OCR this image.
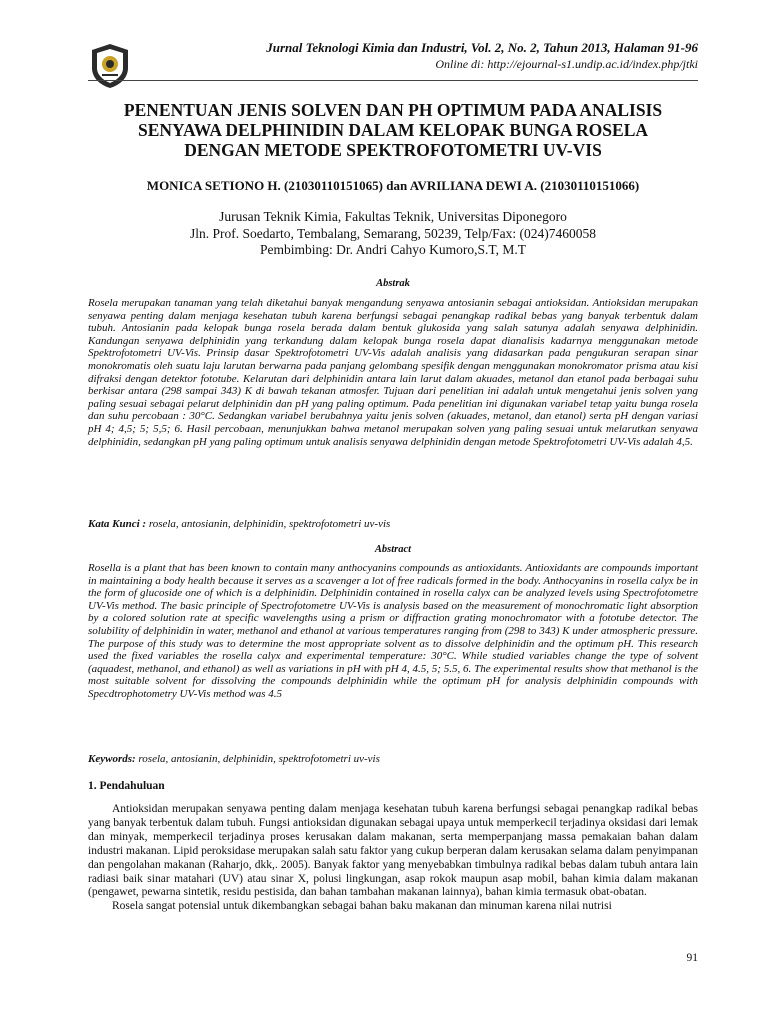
Jurnal Teknologi Kimia dan Industri, Vol. 2, No. 2, Tahun 2013, Halaman 91-96
Online di: http://ejournal-s1.undip.ac.id/index.php/jtki
PENENTUAN JENIS SOLVEN DAN PH OPTIMUM PADA ANALISIS
SENYAWA DELPHINIDIN DALAM KELOPAK BUNGA ROSELA
DENGAN METODE SPEKTROFOTOMETRI UV-VIS
MONICA SETIONO H. (21030110151065) dan AVRILIANA DEWI A. (21030110151066)
Jurusan Teknik Kimia, Fakultas Teknik, Universitas Diponegoro
Jln. Prof. Soedarto, Tembalang, Semarang, 50239, Telp/Fax: (024)7460058
Pembimbing: Dr. Andri Cahyo Kumoro,S.T, M.T
Abstrak
Rosela merupakan tanaman yang telah diketahui banyak mengandung senyawa antosianin sebagai antioksidan. Antioksidan merupakan senyawa penting dalam menjaga kesehatan tubuh karena berfungsi sebagai penangkap radikal bebas yang banyak terbentuk dalam tubuh. Antosianin pada kelopak bunga rosela berada dalam bentuk glukosida yang salah satunya adalah senyawa delphinidin. Kandungan senyawa delphinidin yang terkandung dalam kelopak bunga rosela dapat dianalisis kadarnya menggunakan metode Spektrofotometri UV-Vis. Prinsip dasar Spektrofotometri UV-Vis adalah analisis yang didasarkan pada pengukuran serapan sinar monokromatis oleh suatu laju larutan berwarna pada panjang gelombang spesifik dengan menggunakan monokromator prisma atau kisi difraksi dengan detektor fototube. Kelarutan dari delphinidin antara lain larut dalam akuades, metanol dan etanol pada berbagai suhu berkisar antara (298 sampai 343) K di bawah tekanan atmosfer. Tujuan dari penelitian ini adalah untuk mengetahui jenis solven yang paling sesuai sebagai pelarut delphinidin dan pH yang paling optimum. Pada penelitian ini digunakan variabel tetap yaitu bunga rosela dan suhu percobaan : 30°C. Sedangkan variabel berubahnya yaitu jenis solven (akuades, metanol, dan etanol) serta pH dengan variasi pH 4; 4,5; 5; 5,5; 6. Hasil percobaan, menunjukkan bahwa metanol merupakan solven yang paling sesuai untuk melarutkan senyawa delphinidin, sedangkan pH yang paling optimum untuk analisis senyawa delphinidin dengan metode Spektrofotometri UV-Vis adalah 4,5.
Kata Kunci : rosela, antosianin, delphinidin, spektrofotometri uv-vis
Abstract
Rosella is a plant that has been known to contain many anthocyanins compounds as antioxidants. Antioxidants are compounds important in maintaining a body health because it serves as a scavenger a lot of free radicals formed in the body. Anthocyanins in rosella calyx be in the form of glucoside one of which is a delphinidin. Delphinidin contained in rosella calyx can be analyzed levels using Spectrofotometre UV-Vis method. The basic principle of Spectrofotometre UV-Vis is analysis based on the measurement of monochromatic light absorption by a colored solution rate at specific wavelengths using a prism or diffraction grating monochromator with a fototube detector. The solubility of delphinidin in water, methanol and ethanol at various temperatures ranging from (298 to 343) K under atmospheric pressure. The purpose of this study was to determine the most appropriate solvent as to dissolve delphinidin and the optimum pH. This research used the fixed variables the rosella calyx and experimental temperature: 30°C. While studied variables change the type of solvent (aquadest, methanol, and ethanol) as well as variations in pH with pH 4, 4.5, 5; 5.5, 6. The experimental results show that methanol is the most suitable solvent for dissolving the compounds delphinidin while the optimum pH for analysis delphinidin compounds with Specdtrophotometry UV-Vis method was 4.5
Keywords: rosela, antosianin, delphinidin, spektrofotometri uv-vis
1. Pendahuluan

Antioksidan merupakan senyawa penting dalam menjaga kesehatan tubuh karena berfungsi sebagai penangkap radikal bebas yang banyak terbentuk dalam tubuh. Fungsi antioksidan digunakan sebagai upaya untuk memperkecil terjadinya oksidasi dari lemak dan minyak, memperkecil terjadinya proses kerusakan dalam makanan, serta memperpanjang massa pemakaian bahan dalam industri makanan. Lipid peroksidase merupakan salah satu faktor yang cukup berperan dalam kerusakan selama dalam penyimpanan dan pengolahan makanan (Raharjo, dkk,. 2005). Banyak faktor yang menyebabkan timbulnya radikal bebas dalam tubuh antara lain radiasi baik sinar matahari (UV) atau sinar X, polusi lingkungan, asap rokok maupun asap mobil, bahan kimia dalam makanan (pengawet, pewarna sintetik, residu pestisida, dan bahan tambahan makanan lainnya), bahan kimia termasuk obat-obatan.

Rosela sangat potensial untuk dikembangkan sebagai bahan baku makanan dan minuman karena nilai nutrisi

91
